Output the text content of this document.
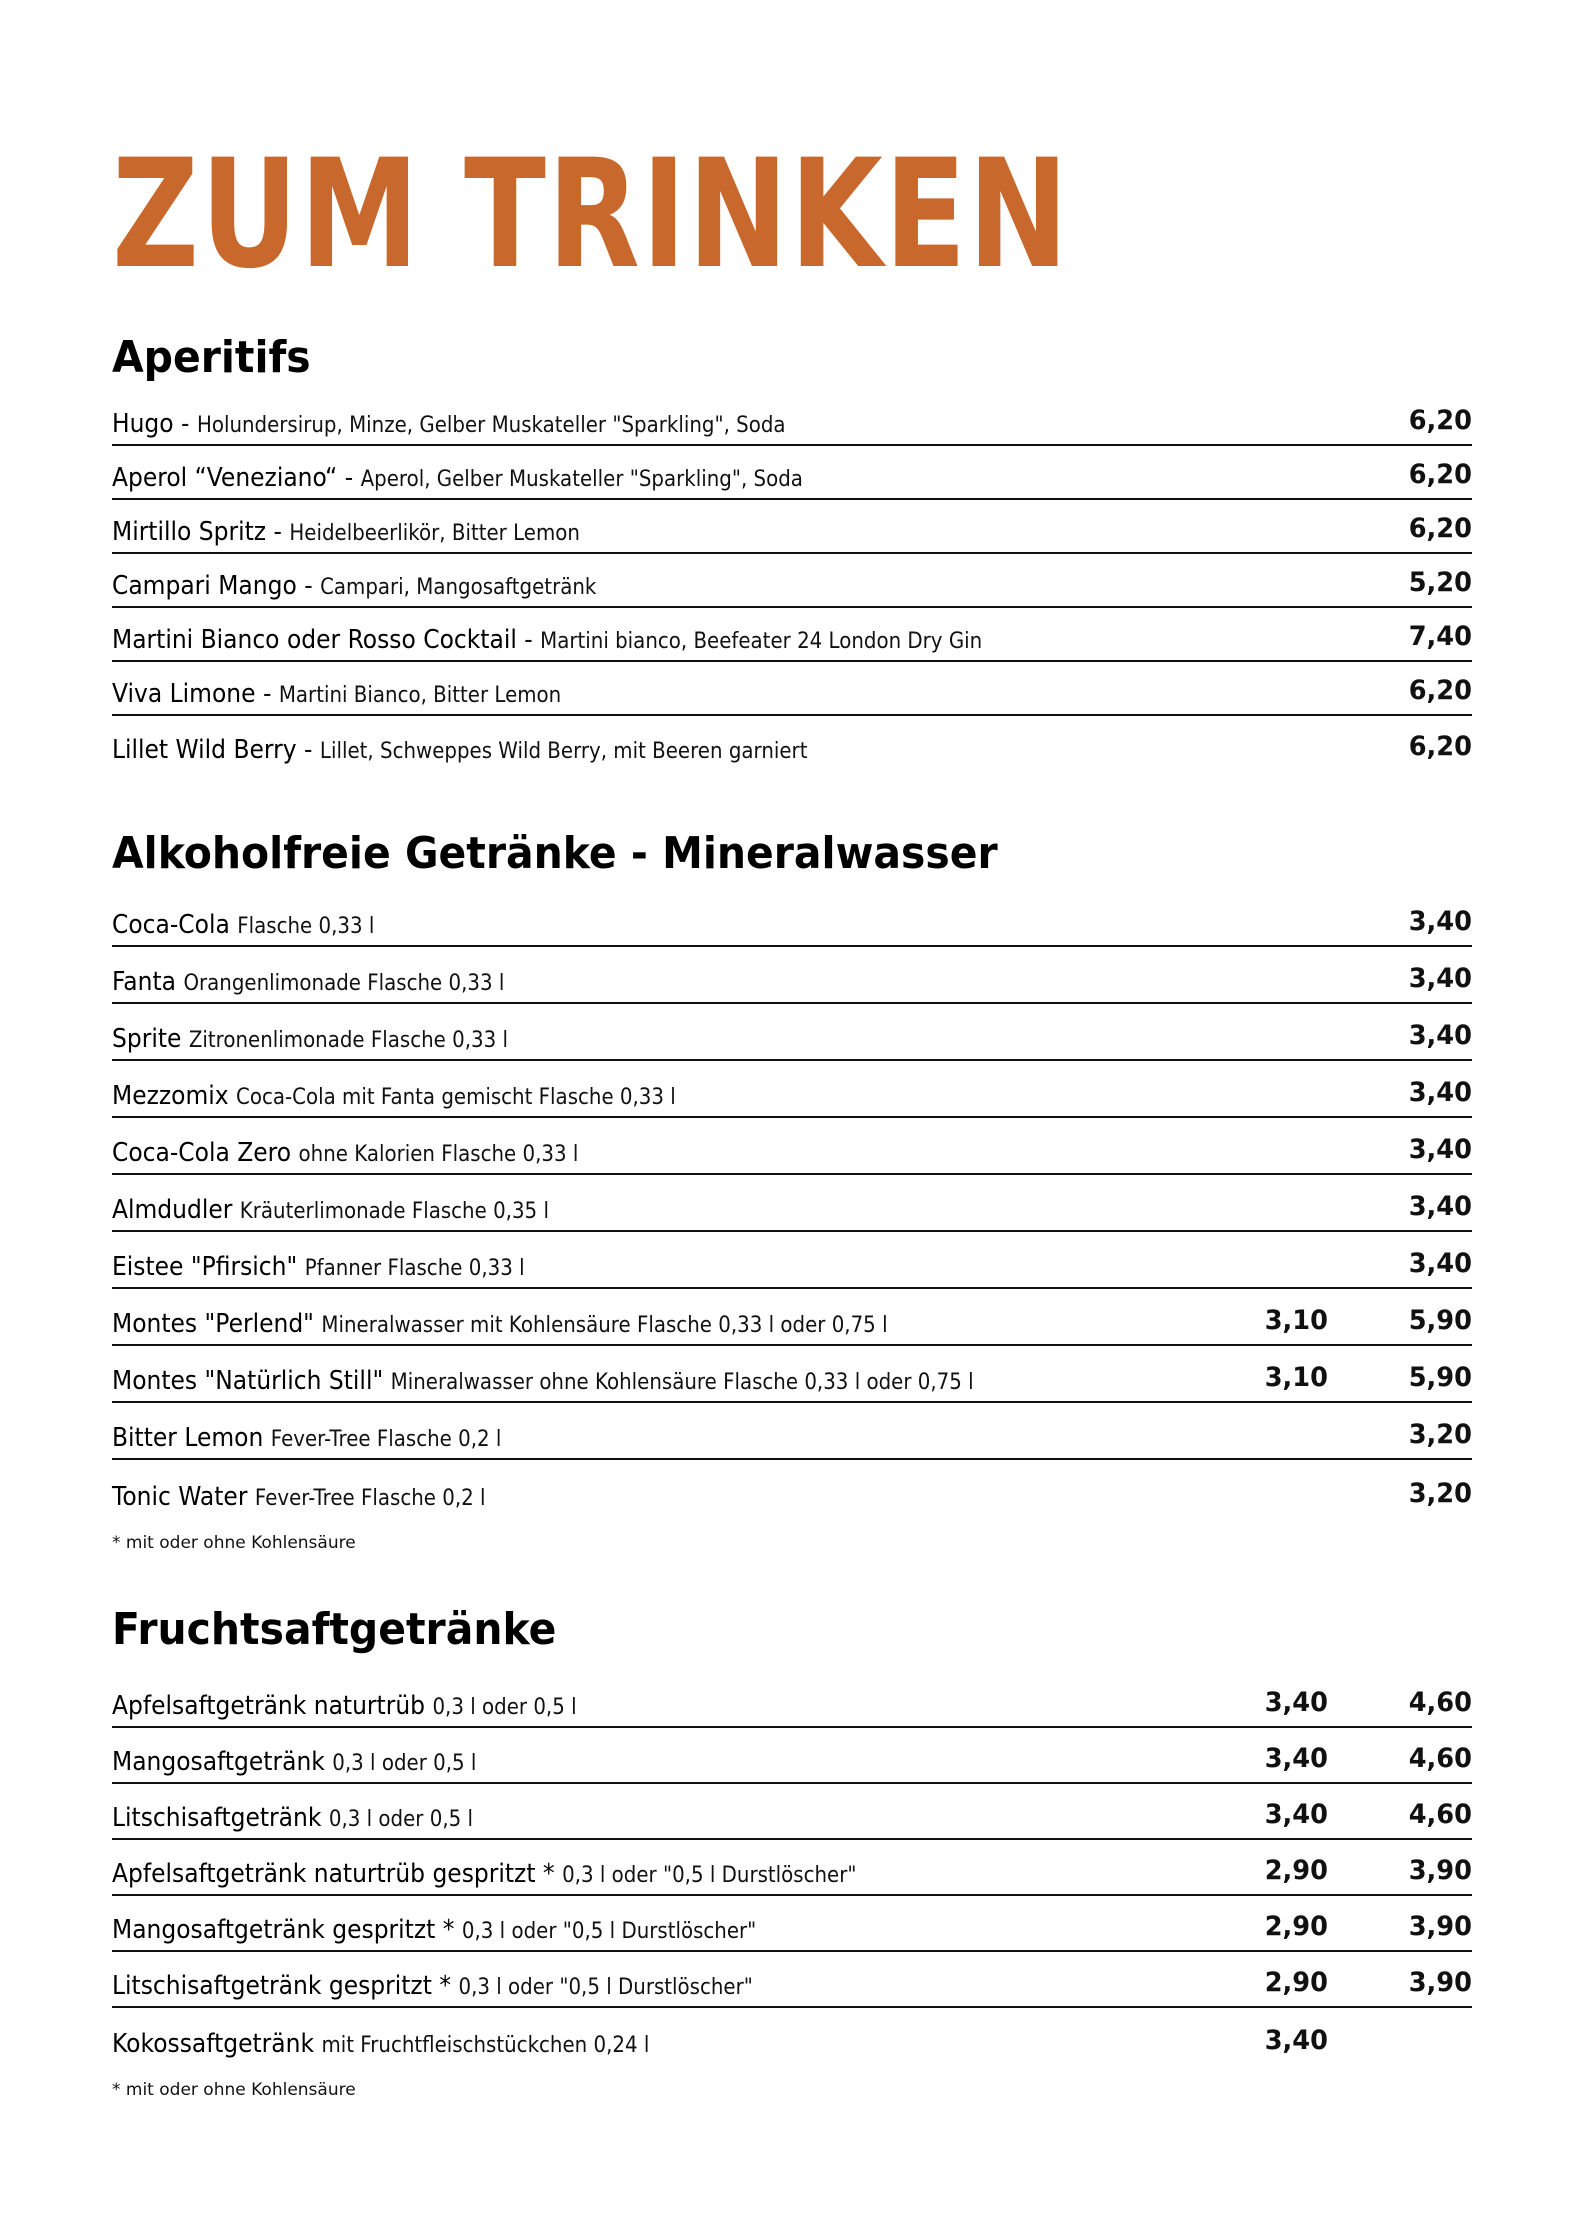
ZUM TRINKEN
Aperitifs
Hugo - Holundersirup, Minze, Gelber Muskateller "Sparkling", Soda	6,20
Aperol “Veneziano“ - Aperol, Gelber Muskateller "Sparkling", Soda	6,20
Mirtillo Spritz - Heidelbeerlikör, Bitter Lemon	6,20
Campari Mango - Campari, Mangosaftgetränk	5,20
Martini Bianco oder Rosso Cocktail - Martini bianco, Beefeater 24 London Dry Gin	7,40
Viva Limone - Martini Bianco, Bitter Lemon	6,20
Lillet Wild Berry - Lillet, Schweppes Wild Berry, mit Beeren garniert	6,20
Alkoholfreie Getränke - Mineralwasser
Coca-Cola Flasche 0,33 l	3,40
Fanta Orangenlimonade Flasche 0,33 l	3,40
Sprite Zitronenlimonade Flasche 0,33 l	3,40
Mezzomix Coca-Cola mit Fanta gemischt Flasche 0,33 l	3,40
Coca-Cola Zero ohne Kalorien Flasche 0,33 l	3,40
Almdudler Kräuterlimonade Flasche 0,35 l	3,40
Eistee "Pfirsich" Pfanner Flasche 0,33 l	3,40
Montes "Perlend" Mineralwasser mit Kohlensäure Flasche 0,33 l oder 0,75 l	3,10	5,90
Montes "Natürlich Still" Mineralwasser ohne Kohlensäure Flasche 0,33 l oder 0,75 l	3,10	5,90
Bitter Lemon Fever-Tree Flasche 0,2 l	3,20
Tonic Water Fever-Tree Flasche 0,2 l	3,20
* mit oder ohne Kohlensäure
Fruchtsaftgetränke
Apfelsaftgetränk naturtrüb 0,3 l oder 0,5 l	3,40	4,60
Mangosaftgetränk 0,3 l oder 0,5 l	3,40	4,60
Litschisaftgetränk 0,3 l oder 0,5 l	3,40	4,60
Apfelsaftgetränk naturtrüb gespritzt * 0,3 l oder "0,5 l Durstlöscher"	2,90	3,90
Mangosaftgetränk gespritzt * 0,3 l oder "0,5 l Durstlöscher"	2,90	3,90
Litschisaftgetränk gespritzt * 0,3 l oder "0,5 l Durstlöscher"	2,90	3,90
Kokossaftgetränk mit Fruchtfleischstückchen 0,24 l	3,40
* mit oder ohne Kohlensäure
